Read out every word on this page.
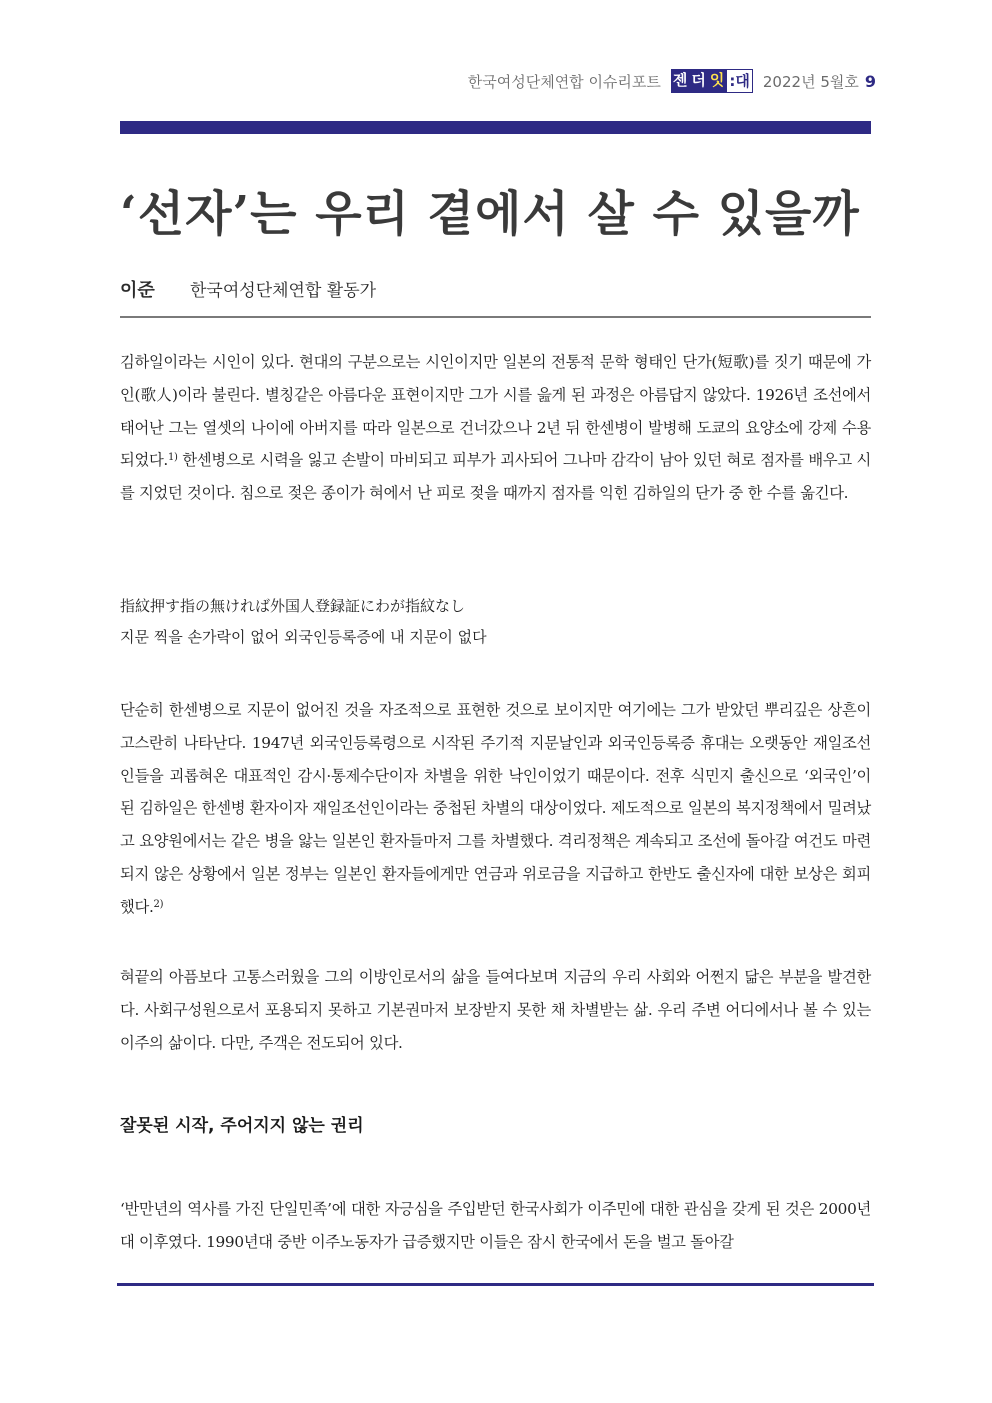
한국여성단체연합 이슈리포트 젠 더 잇 :대 2022년 5월호 9
‘선자’는 우리 곁에서 살 수 있을까
이준	한국여성단체연합 활동가
김하일이라는 시인이 있다. 현대의 구분으로는 시인이지만 일본의 전통적 문학 형태인 단가(短歌)를 짓기 때문에 가인(歌人)이라 불린다. 별칭같은 아름다운 표현이지만 그가 시를 읊게 된 과정은 아름답지 않았다. 1926년 조선에서 태어난 그는 열셋의 나이에 아버지를 따라 일본으로 건너갔으나 2년 뒤 한센병이 발병해 도쿄의 요양소에 강제 수용되었다.$^{1)}$ 한센병으로 시력을 잃고 손발이 마비되고 피부가 괴사되어 그나마 감각이 남아 있던 혀로 점자를 배우고 시를 지었던 것이다. 침으로 젖은 종이가 혀에서 난 피로 젖을 때까지 점자를 익힌 김하일의 단가 중 한 수를 옮긴다.
指紋押す指の無ければ外国人登録証にわが指紋なし
지문 찍을 손가락이 없어 외국인등록증에 내 지문이 없다
단순히 한센병으로 지문이 없어진 것을 자조적으로 표현한 것으로 보이지만 여기에는 그가 받았던 뿌리깊은 상흔이 고스란히 나타난다. 1947년 외국인등록령으로 시작된 주기적 지문날인과 외국인등록증 휴대는 오랫동안 재일조선인들을 괴롭혀온 대표적인 감시·통제수단이자 차별을 위한 낙인이었기 때문이다. 전후 식민지 출신으로 ‘외국인’이 된 김하일은 한센병 환자이자 재일조선인이라는 중첩된 차별의 대상이었다. 제도적으로 일본의 복지정책에서 밀려났고 요양원에서는 같은 병을 앓는 일본인 환자들마저 그를 차별했다. 격리정책은 계속되고 조선에 돌아갈 여건도 마련되지 않은 상황에서 일본 정부는 일본인 환자들에게만 연금과 위로금을 지급하고 한반도 출신자에 대한 보상은 회피했다.$^{2)}$
혀끝의 아픔보다 고통스러웠을 그의 이방인로서의 삶을 들여다보며 지금의 우리 사회와 어쩐지 닮은 부분을 발견한다. 사회구성원으로서 포용되지 못하고 기본권마저 보장받지 못한 채 차별받는 삶. 우리 주변 어디에서나 볼 수 있는 이주의 삶이다. 다만, 주객은 전도되어 있다.
잘못된 시작, 주어지지 않는 권리
‘반만년의 역사를 가진 단일민족’에 대한 자긍심을 주입받던 한국사회가 이주민에 대한 관심을 갖게 된 것은 2000년대 이후였다. 1990년대 중반 이주노동자가 급증했지만 이들은 잠시 한국에서 돈을 벌고 돌아갈
